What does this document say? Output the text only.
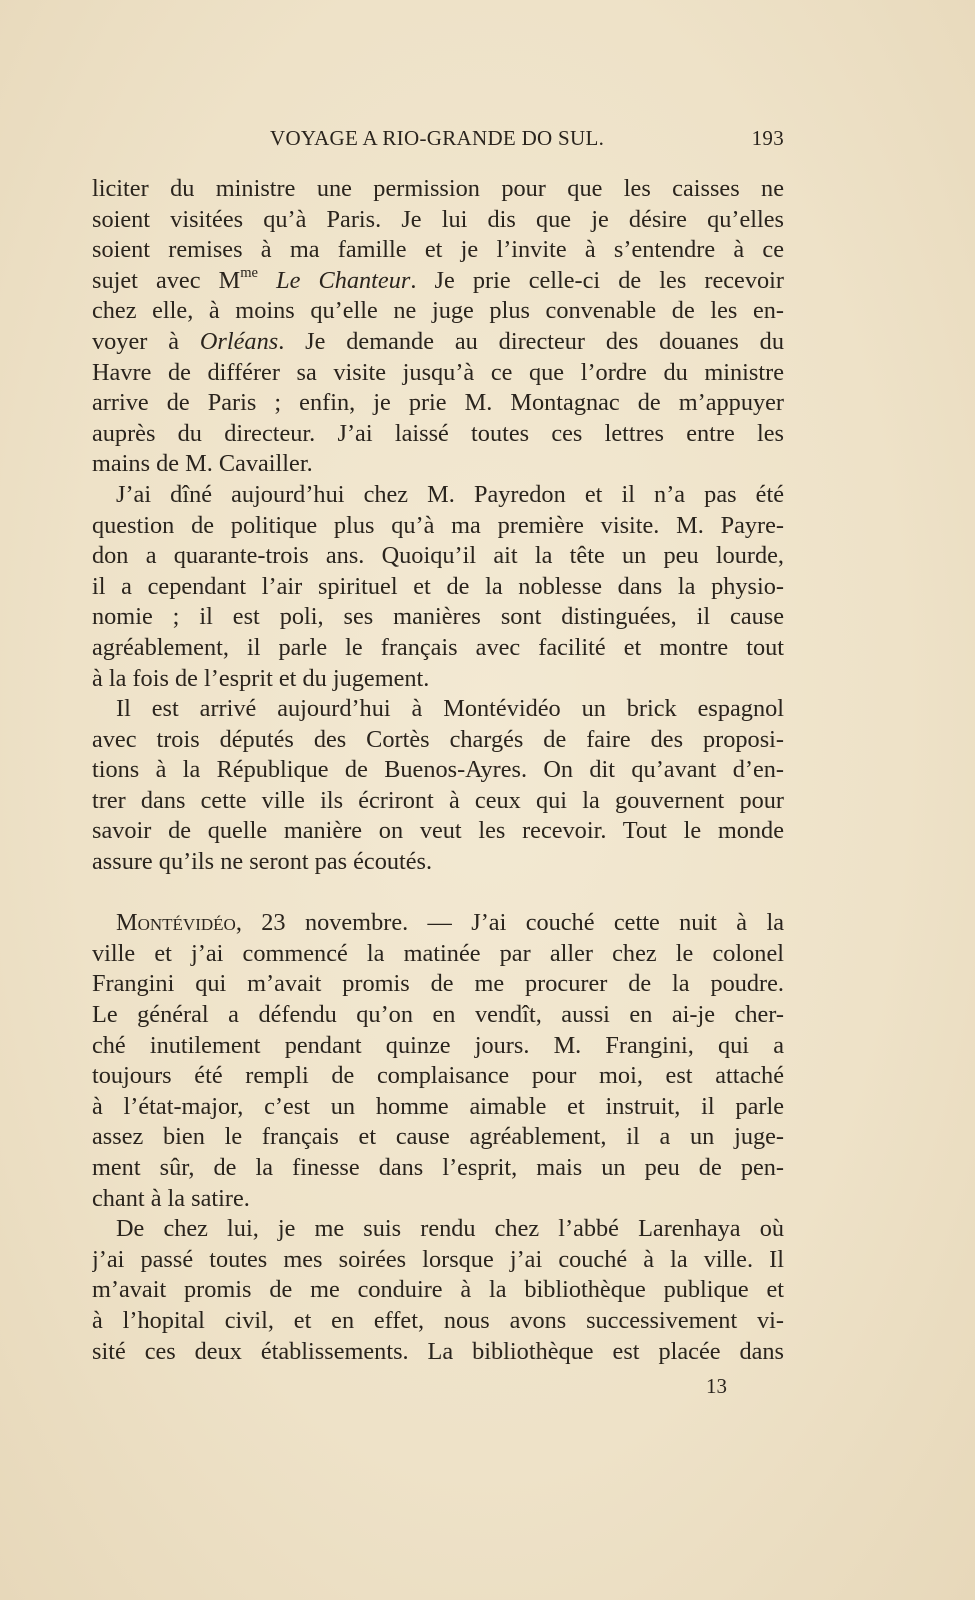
VOYAGE A RIO-GRANDE DO SUL.	193
liciter du ministre une permission pour que les caisses ne
soient visitées qu’à Paris. Je lui dis que je désire qu’elles
soient remises à ma famille et je l’invite à s’entendre à ce
sujet avec $M^{me}$ Le Chanteur. Je prie celle-ci de les recevoir
chez elle, à moins qu’elle ne juge plus convenable de les en-
voyer à Orléans. Je demande au directeur des douanes du
Havre de différer sa visite jusqu’à ce que l’ordre du ministre
arrive de Paris ; enfin, je prie M. Montagnac de m’appuyer
auprès du directeur. J’ai laissé toutes ces lettres entre les
mains de M. Cavailler.
J’ai dîné aujourd’hui chez M. Payredon et il n’a pas été
question de politique plus qu’à ma première visite. M. Payre-
don a quarante-trois ans. Quoiqu’il ait la tête un peu lourde,
il a cependant l’air spirituel et de la noblesse dans la physio-
nomie ; il est poli, ses manières sont distinguées, il cause
agréablement, il parle le français avec facilité et montre tout
à la fois de l’esprit et du jugement.
Il est arrivé aujourd’hui à Montévidéo un brick espagnol
avec trois députés des Cortès chargés de faire des proposi-
tions à la République de Buenos-Ayres. On dit qu’avant d’en-
trer dans cette ville ils écriront à ceux qui la gouvernent pour
savoir de quelle manière on veut les recevoir. Tout le monde
assure qu’ils ne seront pas écoutés.
Montévidéo, 23 novembre. — J’ai couché cette nuit à la
ville et j’ai commencé la matinée par aller chez le colonel
Frangini qui m’avait promis de me procurer de la poudre.
Le général a défendu qu’on en vendît, aussi en ai-je cher-
ché inutilement pendant quinze jours. M. Frangini, qui a
toujours été rempli de complaisance pour moi, est attaché
à l’état-major, c’est un homme aimable et instruit, il parle
assez bien le français et cause agréablement, il a un juge-
ment sûr, de la finesse dans l’esprit, mais un peu de pen-
chant à la satire.
De chez lui, je me suis rendu chez l’abbé Larenhaya où
j’ai passé toutes mes soirées lorsque j’ai couché à la ville. Il
m’avait promis de me conduire à la bibliothèque publique et
à l’hopital civil, et en effet, nous avons successivement vi-
sité ces deux établissements. La bibliothèque est placée dans
13
